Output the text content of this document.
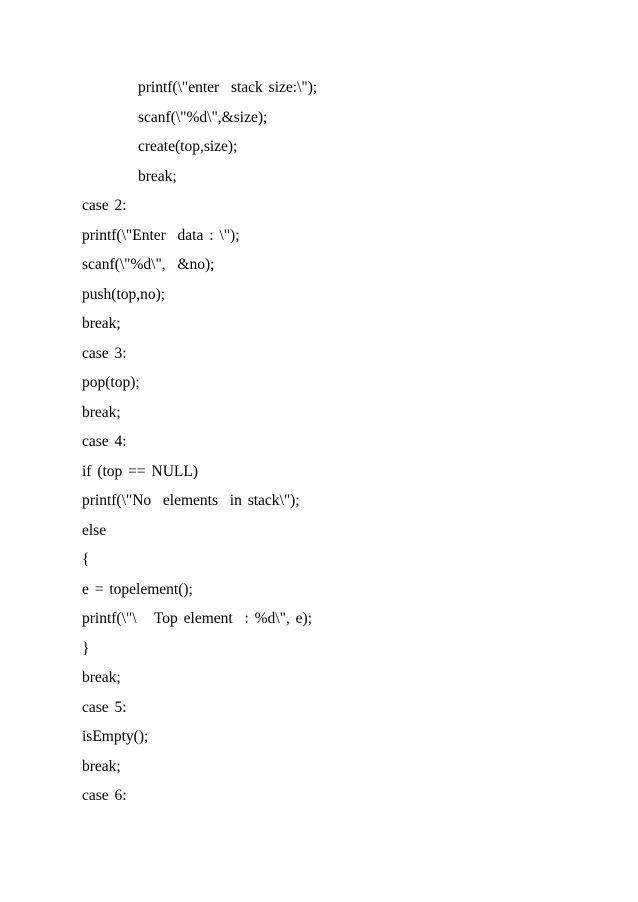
printf(\"enter  stack size:\");
scanf(\"%d\",&size);
create(top,size);
break;
case 2:
printf(\"Enter  data : \");
scanf(\"%d\",  &no);
push(top,no);
break;
case 3:
pop(top);
break;
case 4:
if (top == NULL)
printf(\"No  elements  in stack\");
else
{
e = topelement();
printf(\"\   Top element  : %d\", e);
}
break;
case 5:
isEmpty();
break;
case 6:
